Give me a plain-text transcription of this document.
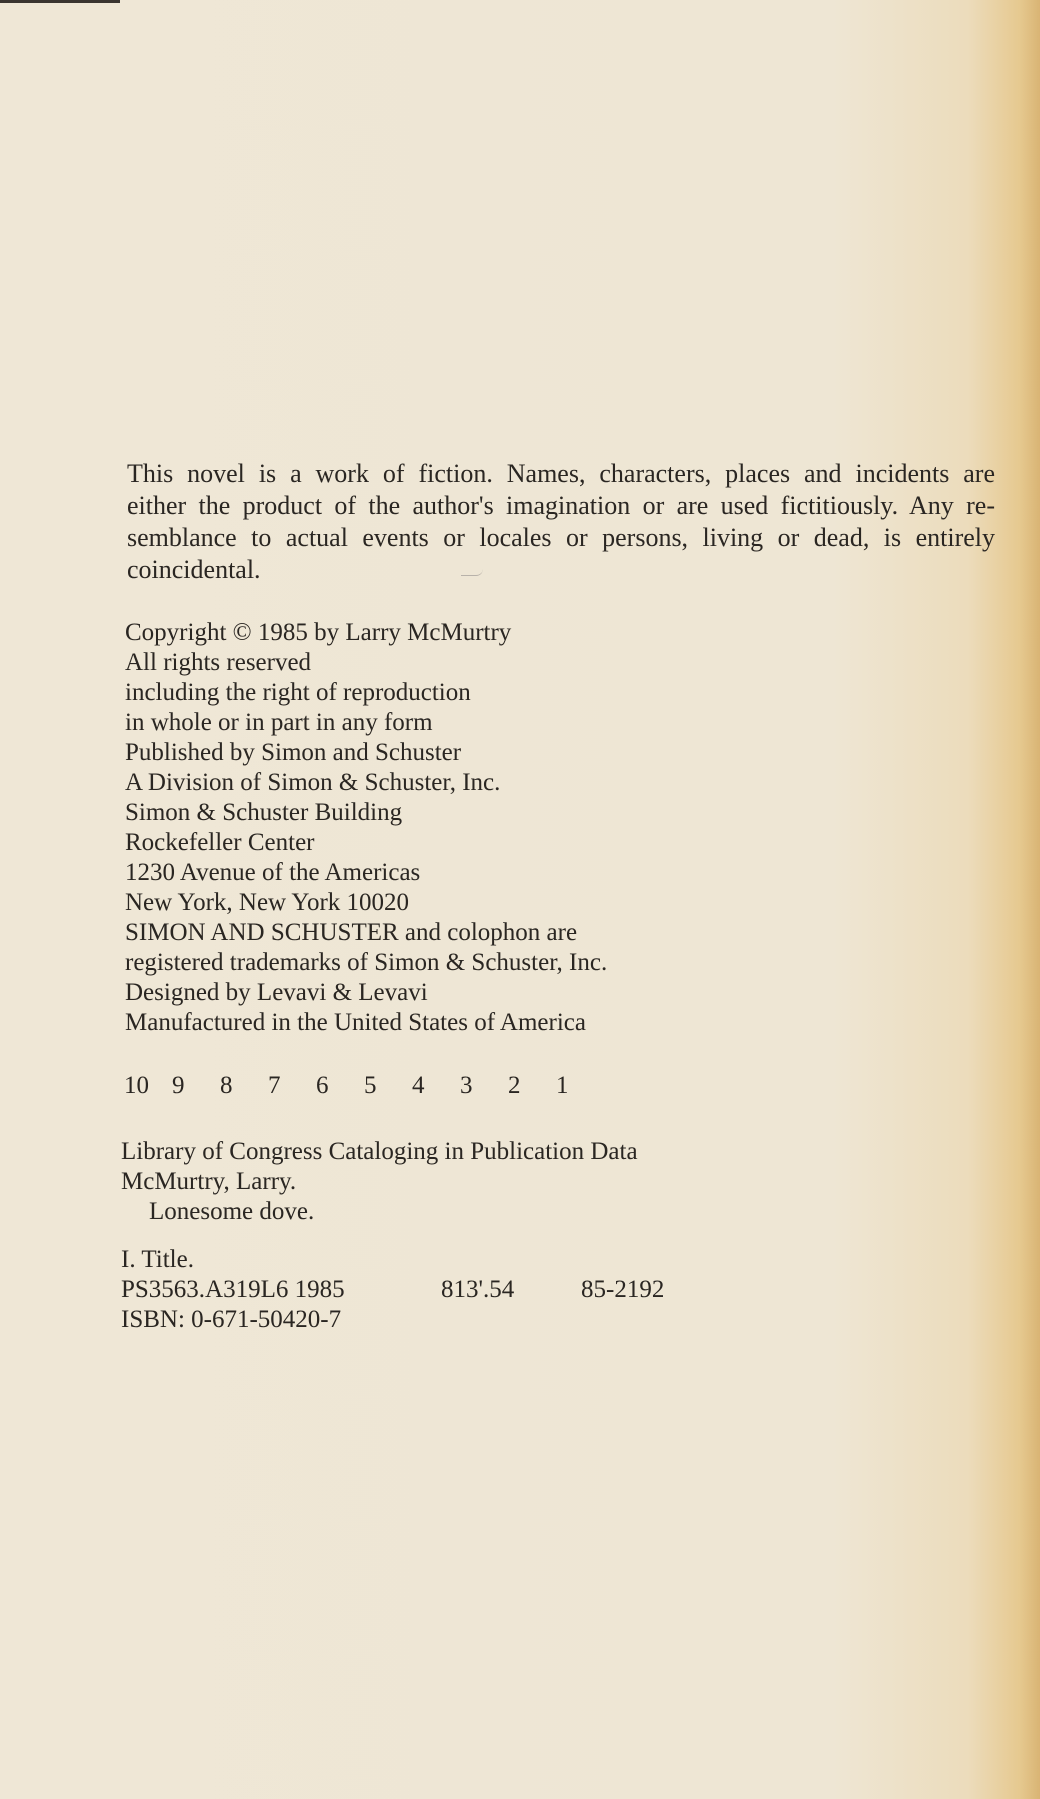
This novel is a work of fiction. Names, characters, places and incidents are
either the product of the author's imagination or are used fictitiously. Any re-
semblance to actual events or locales or persons, living or dead, is entirely
coincidental.
Copyright © 1985 by Larry McMurtry
All rights reserved
including the right of reproduction
in whole or in part in any form
Published by Simon and Schuster
A Division of Simon & Schuster, Inc.
Simon & Schuster Building
Rockefeller Center
1230 Avenue of the Americas
New York, New York 10020
SIMON AND SCHUSTER and colophon are
registered trademarks of Simon & Schuster, Inc.
Designed by Levavi & Levavi
Manufactured in the United States of America
10 9	8	7	6	5	4	3	2	1
Library of Congress Cataloging in Publication Data
McMurtry, Larry.
Lonesome dove.
I. Title.
PS3563.A319L6 1985	813'.54	85-2192
ISBN: 0-671-50420-7
